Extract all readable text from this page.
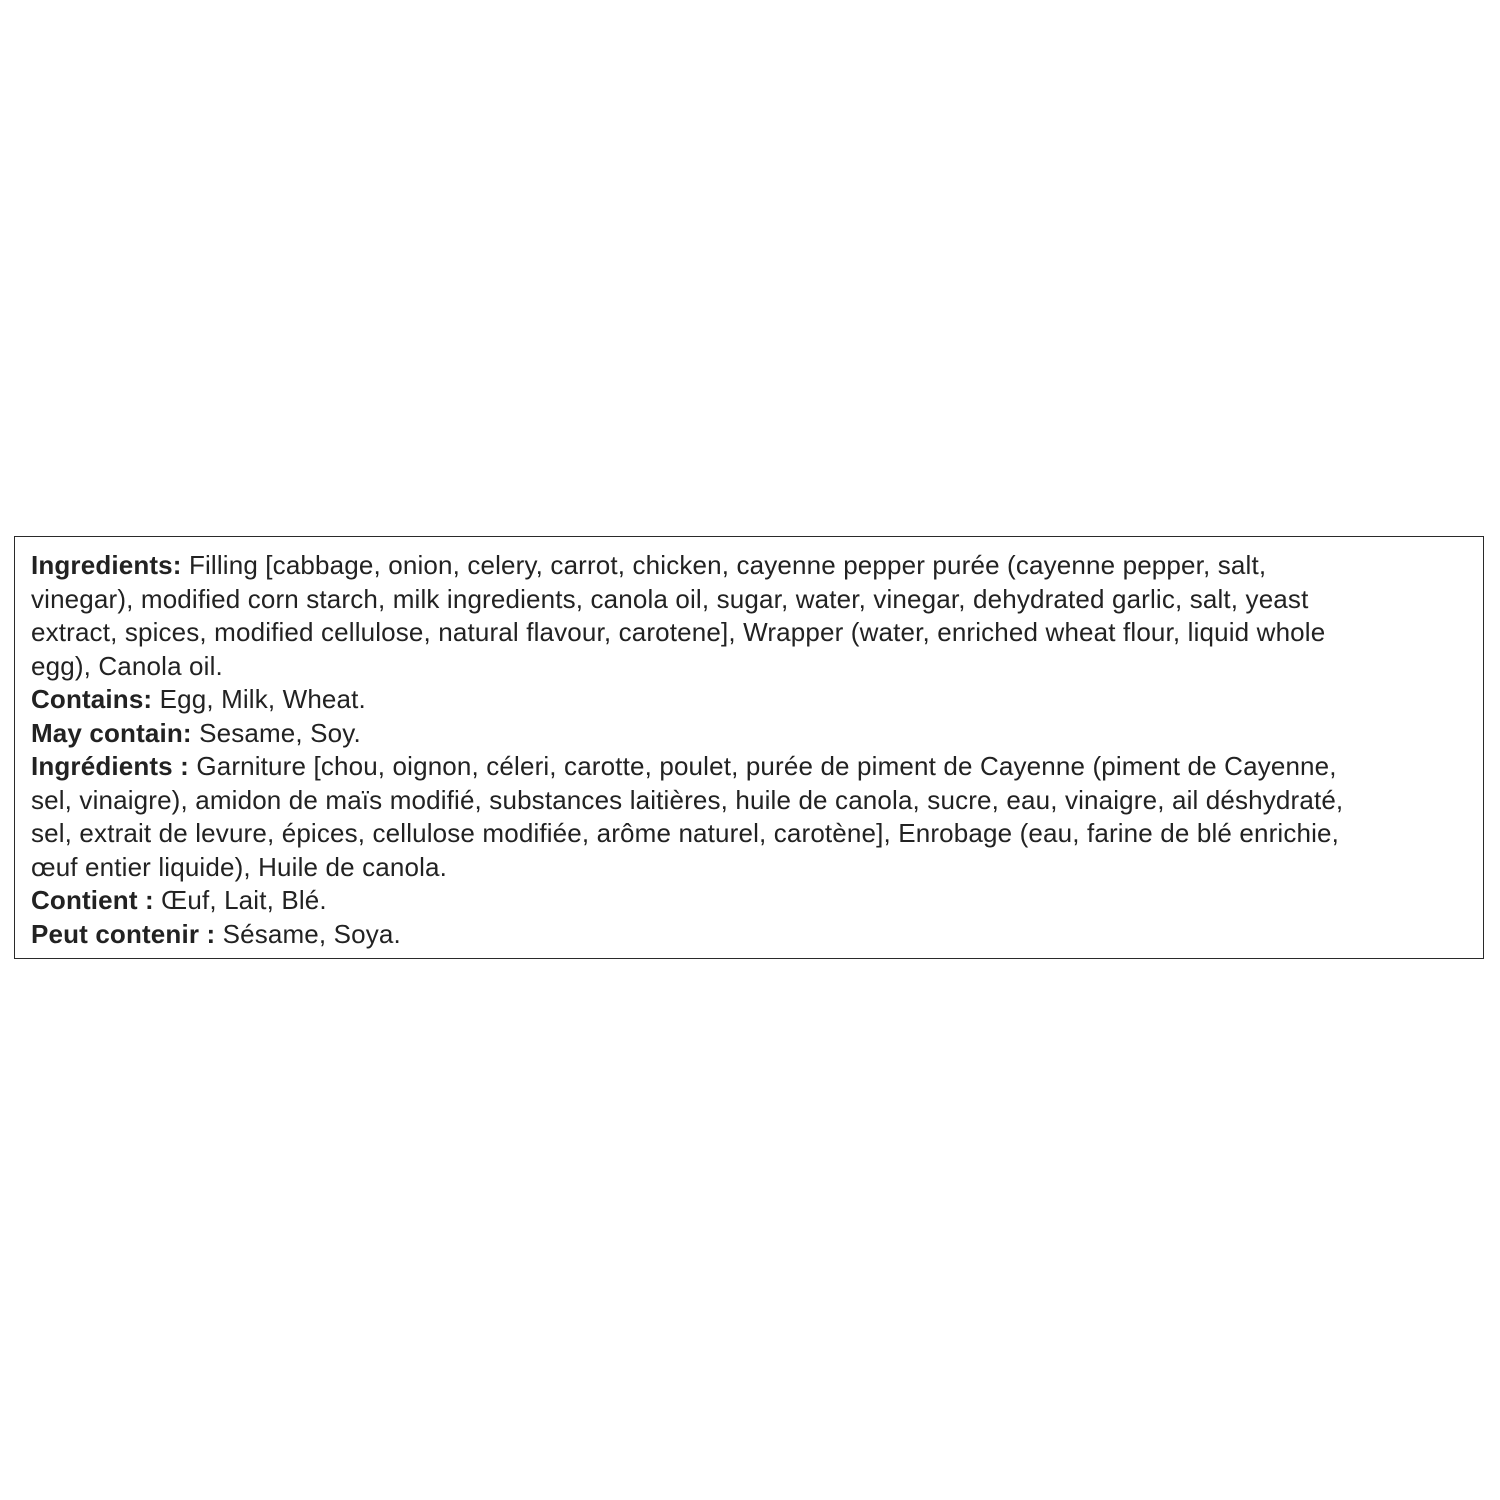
Ingredients: Filling [cabbage, onion, celery, carrot, chicken, cayenne pepper purée (cayenne pepper, salt,
vinegar), modified corn starch, milk ingredients, canola oil, sugar, water, vinegar, dehydrated garlic, salt, yeast
extract, spices, modified cellulose, natural flavour, carotene], Wrapper (water, enriched wheat flour, liquid whole
egg), Canola oil.
Contains: Egg, Milk, Wheat.
May contain: Sesame, Soy.
Ingrédients : Garniture [chou, oignon, céleri, carotte, poulet, purée de piment de Cayenne (piment de Cayenne,
sel, vinaigre), amidon de maïs modifié, substances laitières, huile de canola, sucre, eau, vinaigre, ail déshydraté,
sel, extrait de levure, épices, cellulose modifiée, arôme naturel, carotène], Enrobage (eau, farine de blé enrichie,
œuf entier liquide), Huile de canola.
Contient : Œuf, Lait, Blé.
Peut contenir : Sésame, Soya.
